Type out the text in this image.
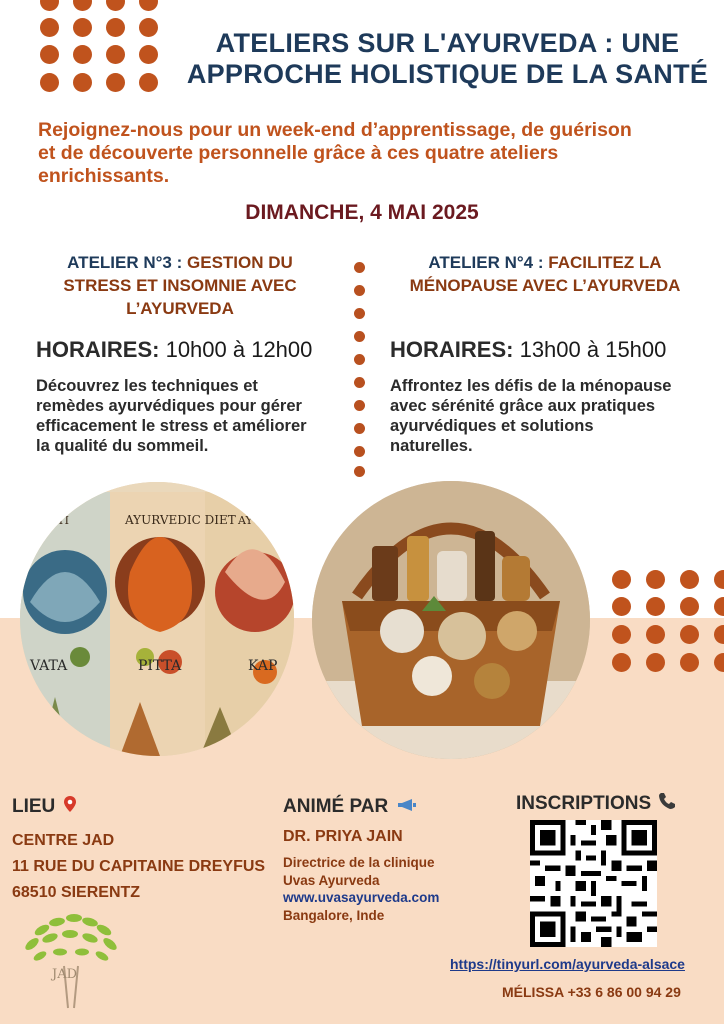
ATELIERS SUR L'AYURVEDA : UNE
APPROCHE HOLISTIQUE DE LA SANTÉ
Rejoignez-nous pour un week-end d’apprentissage, de guérison
et de découverte personnelle grâce à ces quatre ateliers
enrichissants.
DIMANCHE, 4 MAI 2025
ATELIER N°3 : GESTION DU
STRESS ET INSOMNIE AVEC
L’AYURVEDA
HORAIRES: 10h00 à 12h00
Découvrez les techniques et
remèdes ayurvédiques pour gérer
efficacement le stress et améliorer
la qualité du sommeil.
ATELIER N°4 : FACILITEZ LA
MÉNOPAUSE AVEC L’AYURVEDA
HORAIRES: 13h00 à 15h00
Affrontez les défis de la ménopause
avec sérénité grâce aux pratiques
ayurvédiques et solutions
naturelles.
AYURVEDIC DIET
UTI	AYURV
VATA	PITTA	KAP
LIEU
CENTRE JAD
11 RUE DU CAPITAINE DREYFUS
68510 SIERENTZ
JAD
ANIMÉ PAR
DR. PRIYA JAIN
Directrice de la clinique
Uvas Ayurveda
www.uvasayurveda.com
Bangalore, Inde
INSCRIPTIONS
https://tinyurl.com/ayurveda-alsace
MÉLISSA +33 6 86 00 94 29
